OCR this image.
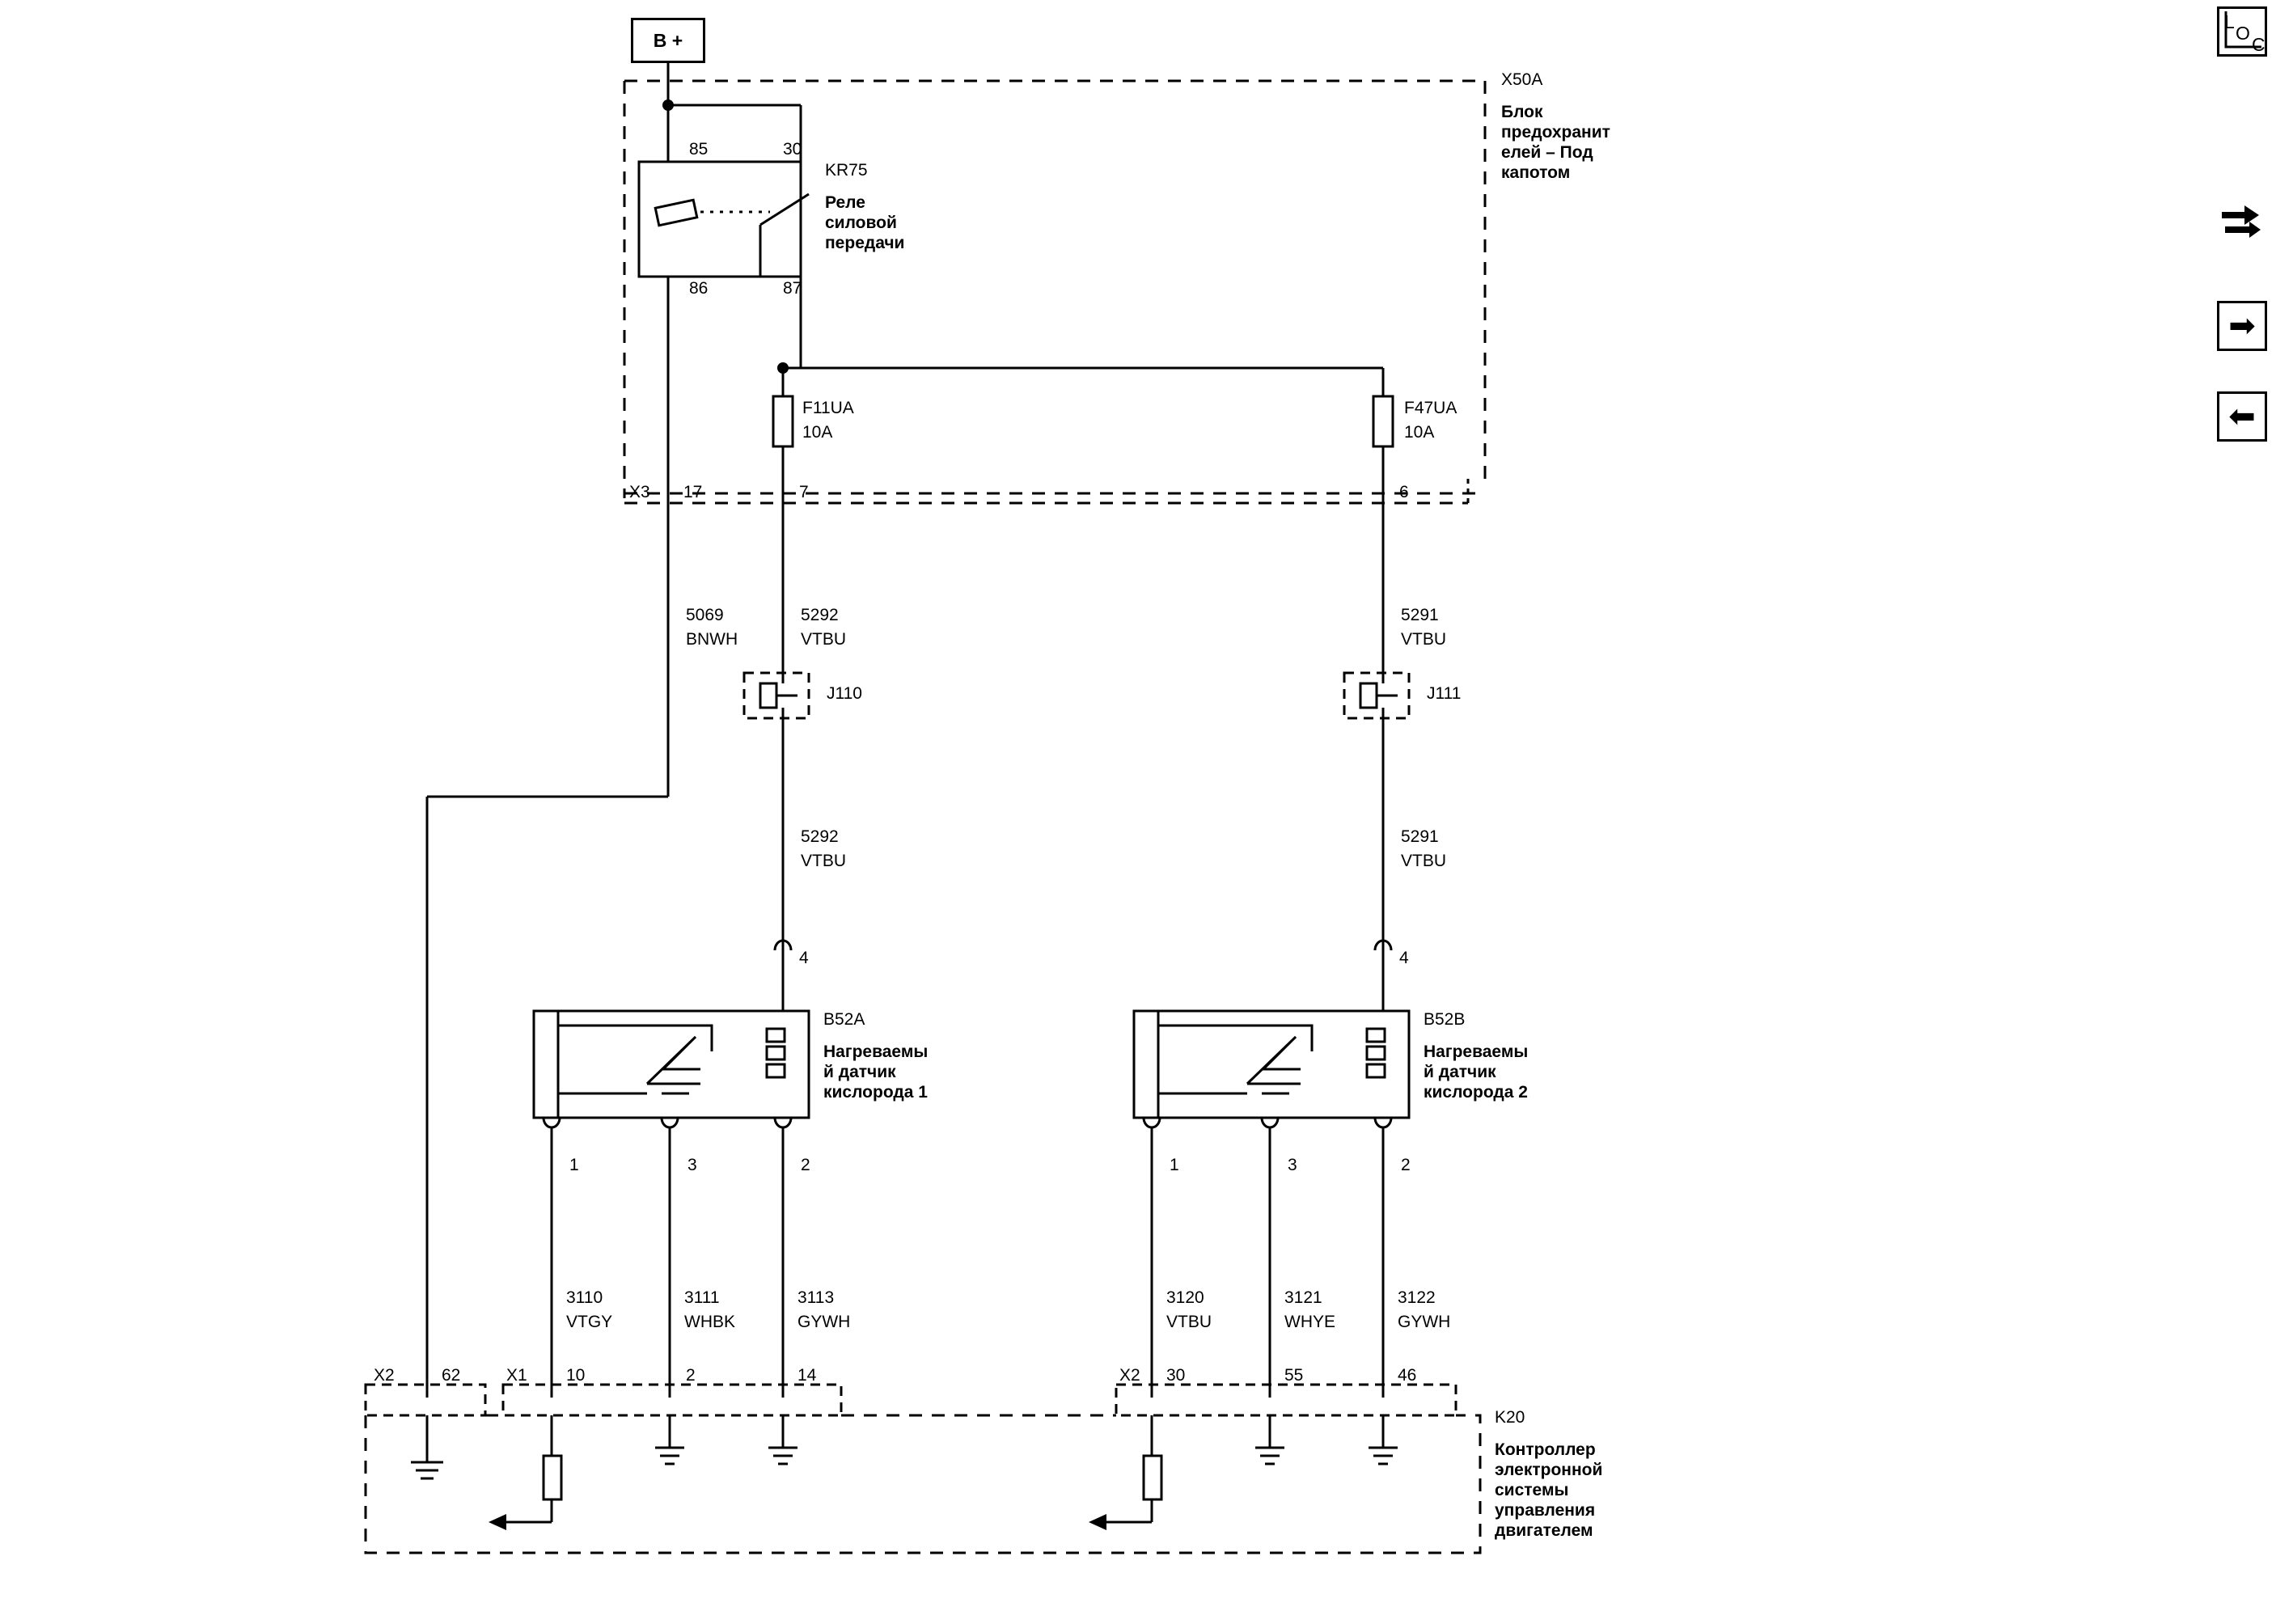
B +
85	30
86	87
KR75
Реле
силовой
передачи
X50A
Блок
предохранит
елей – Под
капотом
F11UA
10A
F47UA
10A
X3 17	7	6
5069
BNWH
5292
VTBU
5291
VTBU
J110	J111
5292
VTBU
5291
VTBU
4	4
B52A
Нагреваемы
й датчик
кислорода 1
B52B
Нагреваемы
й датчик
кислорода 2
1	3	2	1	3	2
3110
VTGY
3111
WHBK
3113
GYWH
3120
VTBU
3121
WHYE
3122
GYWH
X2	62	X1 10	2	14	X2 30	55	46
K20
Контроллер
электронной
системы
управления
двигателем
L
O
C
➡
⬅
